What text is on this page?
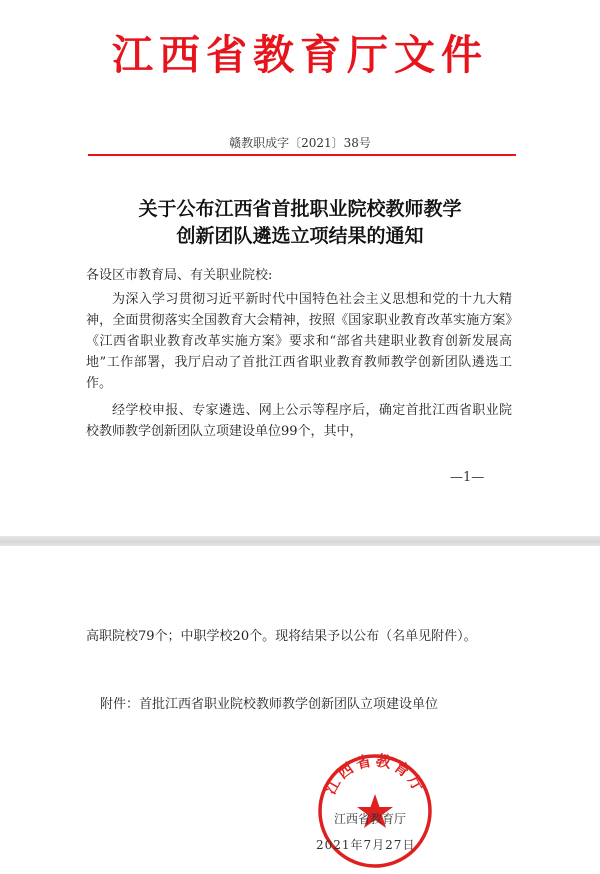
江西省教育厅文件
赣教职成字〔2021〕38号
关于公布江西省首批职业院校教师教学
创新团队遴选立项结果的通知
各设区市教育局、有关职业院校:
为深入学习贯彻习近平新时代中国特色社会主义思想和党的十九大精神，全面贯彻落实全国教育大会精神，按照《国家职业教育改革实施方案》《江西省职业教育改革实施方案》要求和“部省共建职业教育创新发展高地”工作部署，我厅启动了首批江西省职业教育教师教学创新团队遴选工作。
经学校申报、专家遴选、网上公示等程序后，确定首批江西省职业院校教师教学创新团队立项建设单位99个，其中，
—1—
高职院校79个；中职学校20个。现将结果予以公布（名单见附件）。
附件：首批江西省职业院校教师教学创新团队立项建设单位
江西省教育厅
江西省教育厅
2021年7月27日
